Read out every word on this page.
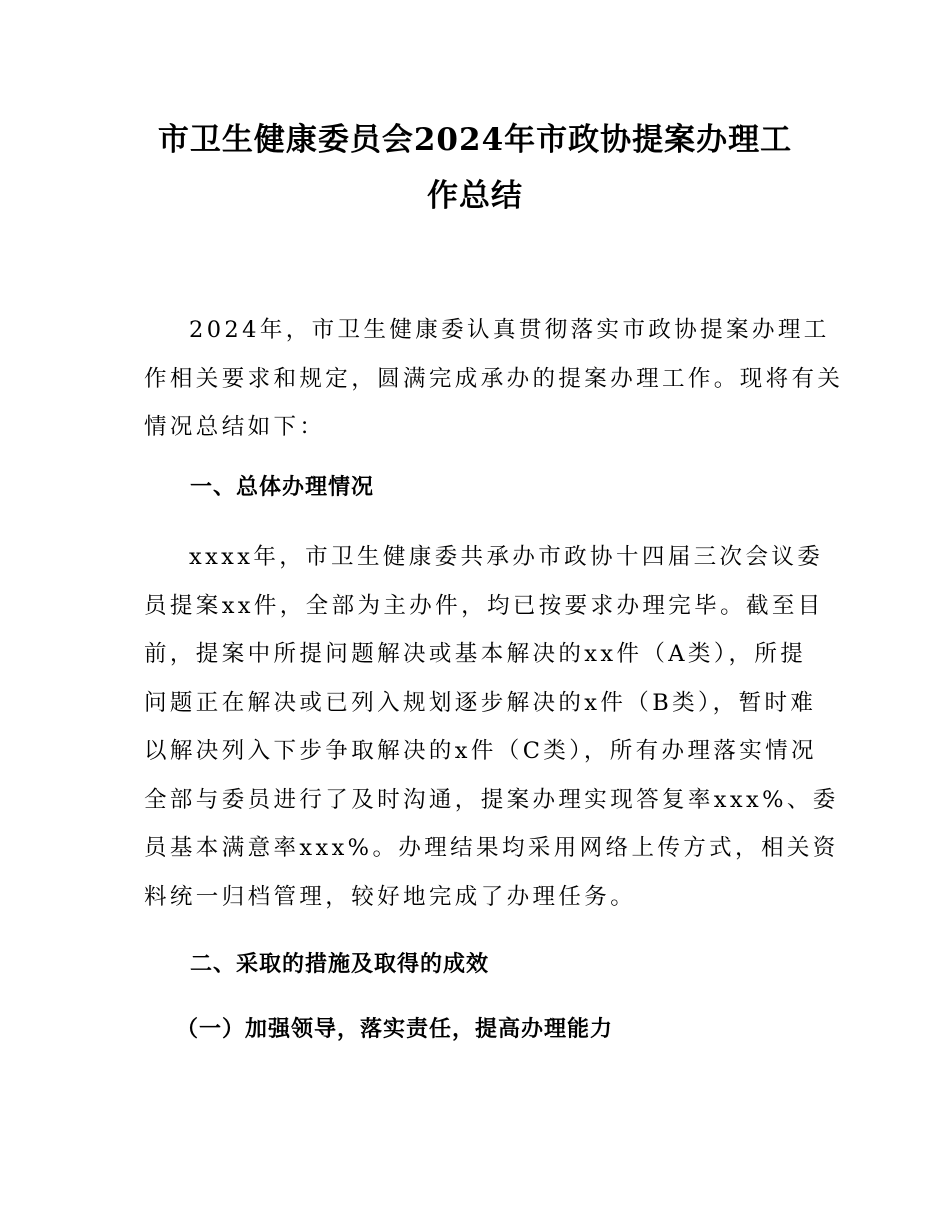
市卫生健康委员会2024年市政协提案办理工
作总结

2024年，市卫生健康委认真贯彻落实市政协提案办理工
作相关要求和规定，圆满完成承办的提案办理工作。现将有关
情况总结如下：

一、总体办理情况

xxxx年，市卫生健康委共承办市政协十四届三次会议委
员提案xx件，全部为主办件，均已按要求办理完毕。截至目
前，提案中所提问题解决或基本解决的xx件（A类），所提
问题正在解决或已列入规划逐步解决的x件（B类），暂时难
以解决列入下步争取解决的x件（C类），所有办理落实情况
全部与委员进行了及时沟通，提案办理实现答复率xxx%、委
员基本满意率xxx%。办理结果均采用网络上传方式，相关资
料统一归档管理，较好地完成了办理任务。

二、采取的措施及取得的成效
（一）加强领导，落实责任，提高办理能力
